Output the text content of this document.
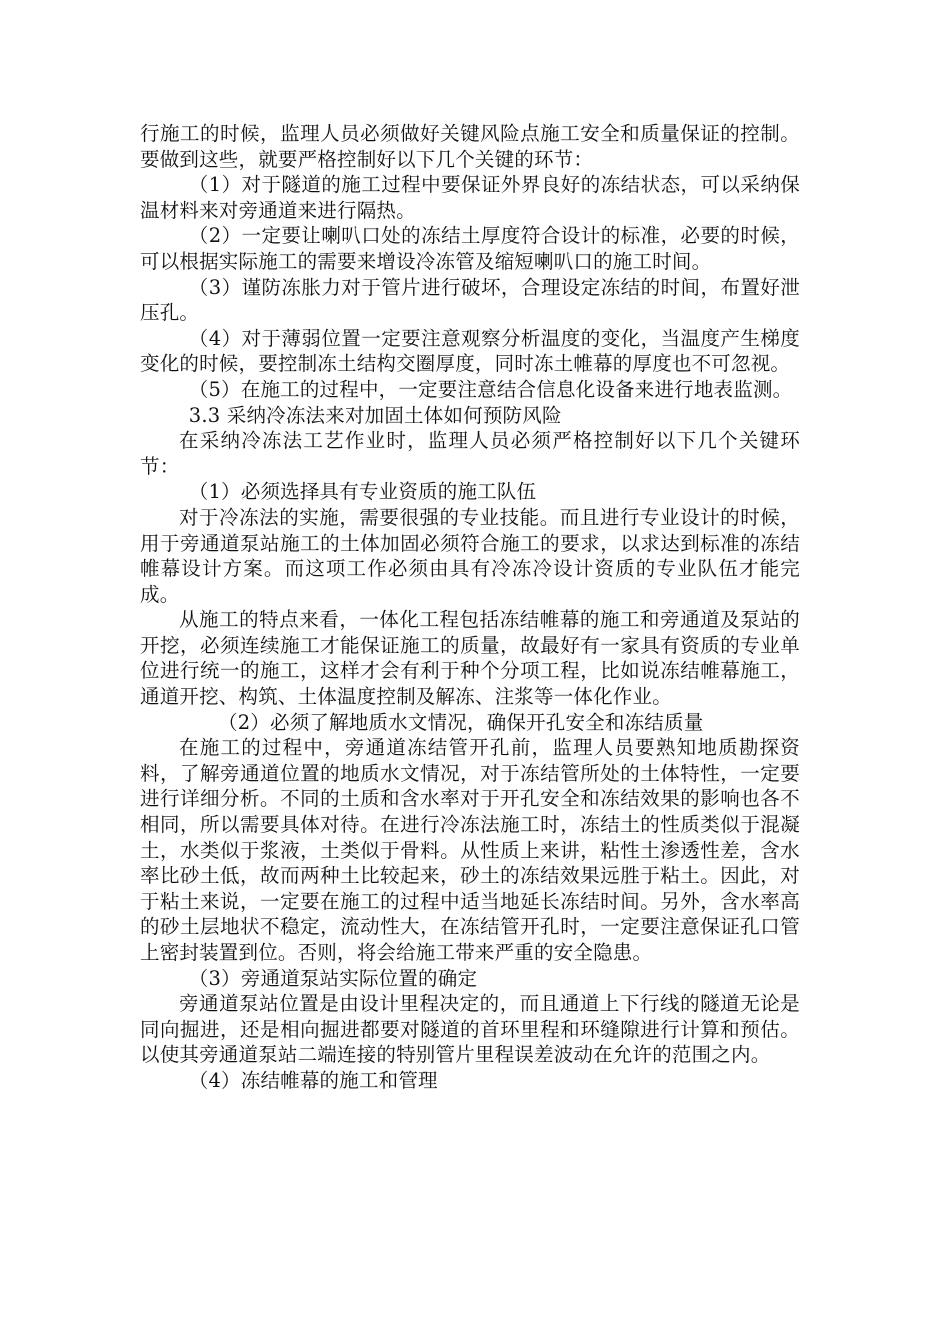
行施工的时候，监理人员必须做好关键风险点施工安全和质量保证的控制。要做到这些，就要严格控制好以下几个关键的环节：

（1）对于隧道的施工过程中要保证外界良好的冻结状态，可以采纳保温材料来对旁通道来进行隔热。

（2）一定要让喇叭口处的冻结土厚度符合设计的标准，必要的时候，可以根据实际施工的需要来增设冷冻管及缩短喇叭口的施工时间。

（3）谨防冻胀力对于管片进行破坏，合理设定冻结的时间，布置好泄压孔。

（4）对于薄弱位置一定要注意观察分析温度的变化，当温度产生梯度变化的时候，要控制冻土结构交圈厚度，同时冻土帷幕的厚度也不可忽视。

（5）在施工的过程中，一定要注意结合信息化设备来进行地表监测。

3.3 采纳冷冻法来对加固土体如何预防风险

在采纳冷冻法工艺作业时，监理人员必须严格控制好以下几个关键环节：

（1）必须选择具有专业资质的施工队伍

对于冷冻法的实施，需要很强的专业技能。而且进行专业设计的时候，用于旁通道泵站施工的土体加固必须符合施工的要求，以求达到标准的冻结帷幕设计方案。而这项工作必须由具有冷冻冷设计资质的专业队伍才能完成。

从施工的特点来看，一体化工程包括冻结帷幕的施工和旁通道及泵站的开挖，必须连续施工才能保证施工的质量，故最好有一家具有资质的专业单位进行统一的施工，这样才会有利于种个分项工程，比如说冻结帷幕施工，通道开挖、构筑、土体温度控制及解冻、注浆等一体化作业。

（2）必须了解地质水文情况，确保开孔安全和冻结质量

在施工的过程中，旁通道冻结管开孔前，监理人员要熟知地质勘探资料，了解旁通道位置的地质水文情况，对于冻结管所处的土体特性，一定要进行详细分析。不同的土质和含水率对于开孔安全和冻结效果的影响也各不相同，所以需要具体对待。在进行冷冻法施工时，冻结土的性质类似于混凝土，水类似于浆液，土类似于骨料。从性质上来讲，粘性土渗透性差，含水率比砂土低，故而两种土比较起来，砂土的冻结效果远胜于粘土。因此，对于粘土来说，一定要在施工的过程中适当地延长冻结时间。另外，含水率高的砂土层地状不稳定，流动性大，在冻结管开孔时，一定要注意保证孔口管上密封装置到位。否则，将会给施工带来严重的安全隐患。

（3）旁通道泵站实际位置的确定

旁通道泵站位置是由设计里程决定的，而且通道上下行线的隧道无论是同向掘进，还是相向掘进都要对隧道的首环里程和环缝隙进行计算和预估。以使其旁通道泵站二端连接的特别管片里程误差波动在允许的范围之内。

（4）冻结帷幕的施工和管理
